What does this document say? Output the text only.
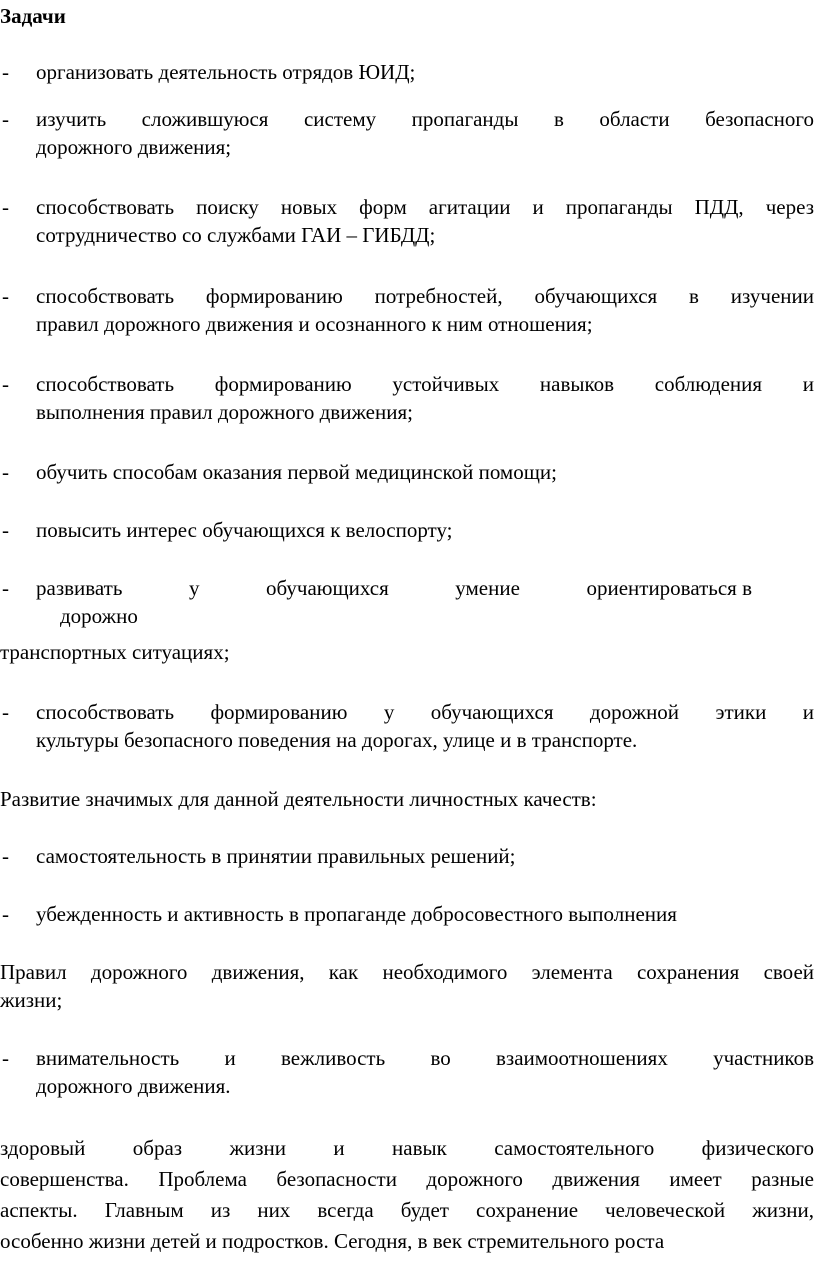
Задачи
- организовать деятельность отрядов ЮИД;
- изучить сложившуюся систему пропаганды в области безопасного
дорожного движения;
- способствовать поиску новых форм агитации и пропаганды ПДД, через
сотрудничество со службами ГАИ – ГИБДД;
- способствовать формированию потребностей, обучающихся в изучении
правил дорожного движения и осознанного к ним отношения;
- способствовать формированию устойчивых навыков соблюдения и
выполнения правил дорожного движения;
- обучить способам оказания первой медицинской помощи;
- повысить интерес обучающихся к велоспорту;
- развивать	у	обучающихся	умение	ориентироваться в
дорожно
транспортных ситуациях;
- способствовать формированию у обучающихся дорожной этики и
культуры безопасного поведения на дорогах, улице и в транспорте.
Развитие значимых для данной деятельности личностных качеств:
- самостоятельность в принятии правильных решений;
- убежденность и активность в пропаганде добросовестного выполнения
Правил дорожного движения, как необходимого элемента сохранения своей
жизни;
- внимательность и вежливость во взаимоотношениях участников
дорожного движения.
здоровый образ жизни и навык самостоятельного физического
совершенства. Проблема безопасности дорожного движения имеет разные
аспекты. Главным из них всегда будет сохранение человеческой жизни,
особенно жизни детей и подростков. Сегодня, в век стремительного роста
